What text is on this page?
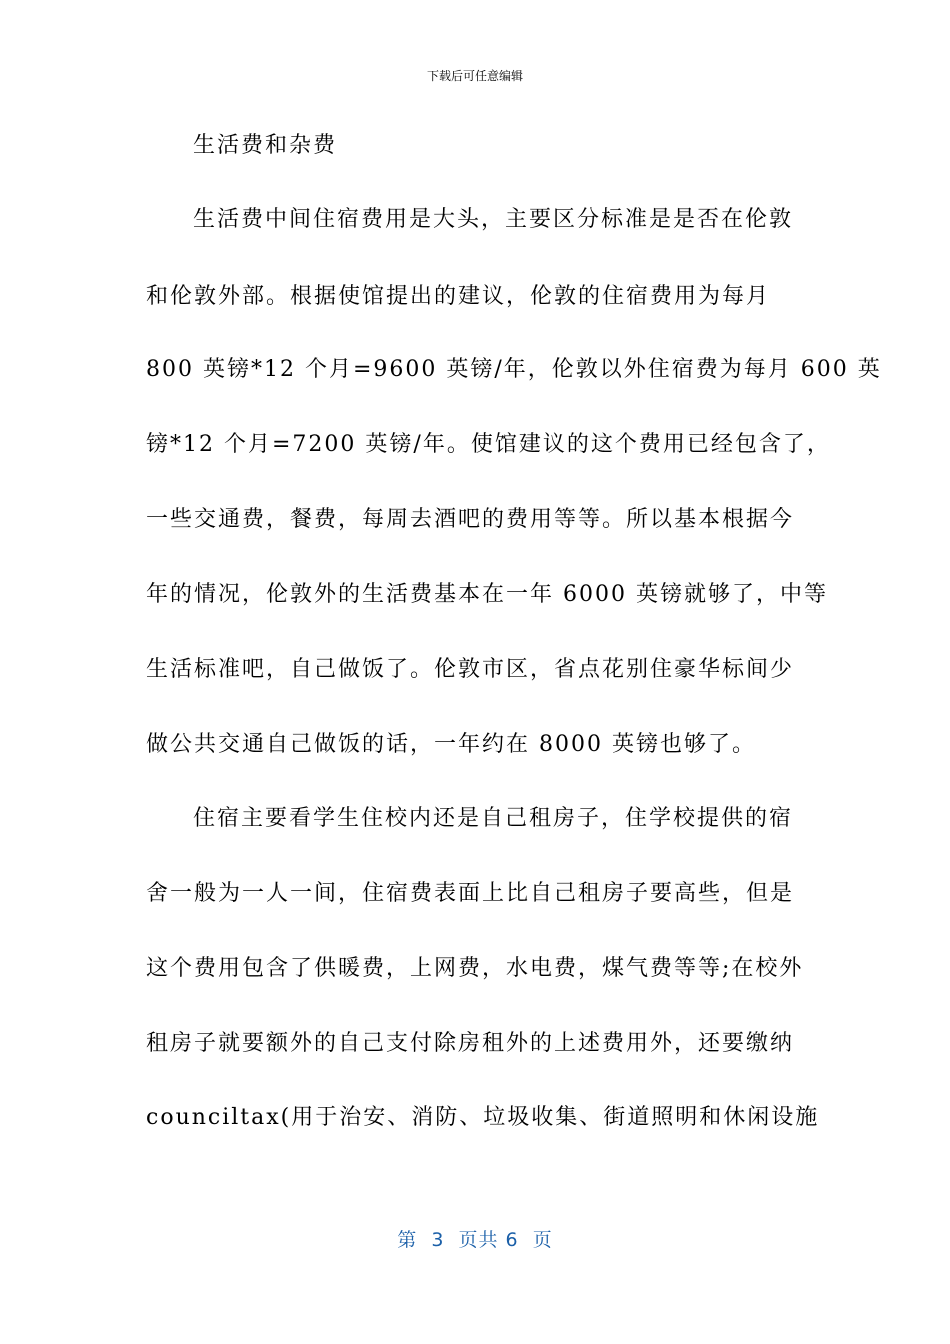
下载后可任意编辑
生活费和杂费
生活费中间住宿费用是大头，主要区分标准是是否在伦敦
和伦敦外部。根据使馆提出的建议，伦敦的住宿费用为每月
800 英镑*12 个月=9600 英镑/年，伦敦以外住宿费为每月 600 英
镑*12 个月=7200 英镑/年。使馆建议的这个费用已经包含了，
一些交通费，餐费，每周去酒吧的费用等等。所以基本根据今
年的情况，伦敦外的生活费基本在一年 6000 英镑就够了，中等
生活标准吧，自己做饭了。伦敦市区，省点花别住豪华标间少
做公共交通自己做饭的话，一年约在 8000 英镑也够了。
住宿主要看学生住校内还是自己租房子，住学校提供的宿
舍一般为一人一间，住宿费表面上比自己租房子要高些，但是
这个费用包含了供暖费，上网费，水电费，煤气费等等;在校外
租房子就要额外的自己支付除房租外的上述费用外，还要缴纳
counciltax(用于治安、消防、垃圾收集、街道照明和休闲设施
第  3  页共 6  页
